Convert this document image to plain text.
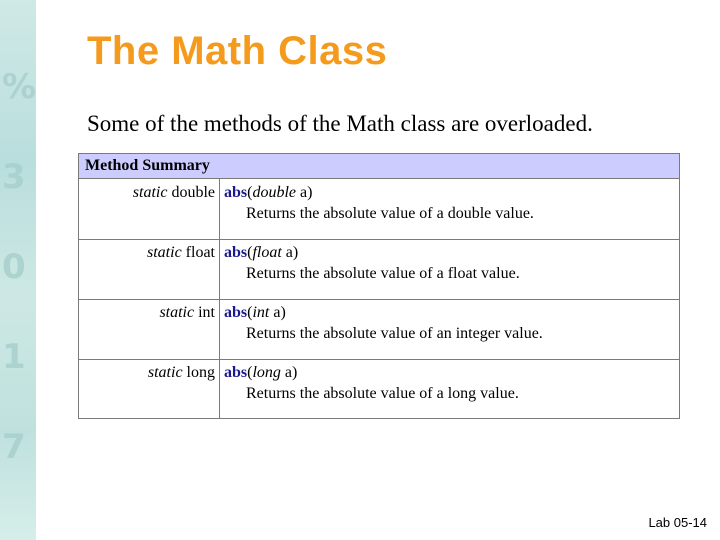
%
3
0
1
7
The Math Class
Some of the methods of the Math class are overloaded.
Method Summary
static double abs(double a)
Returns the absolute value of a double value.
static float abs(float a)
Returns the absolute value of a float value.
static int abs(int a)
Returns the absolute value of an integer value.
static long abs(long a)
Returns the absolute value of a long value.
Lab 05-14
